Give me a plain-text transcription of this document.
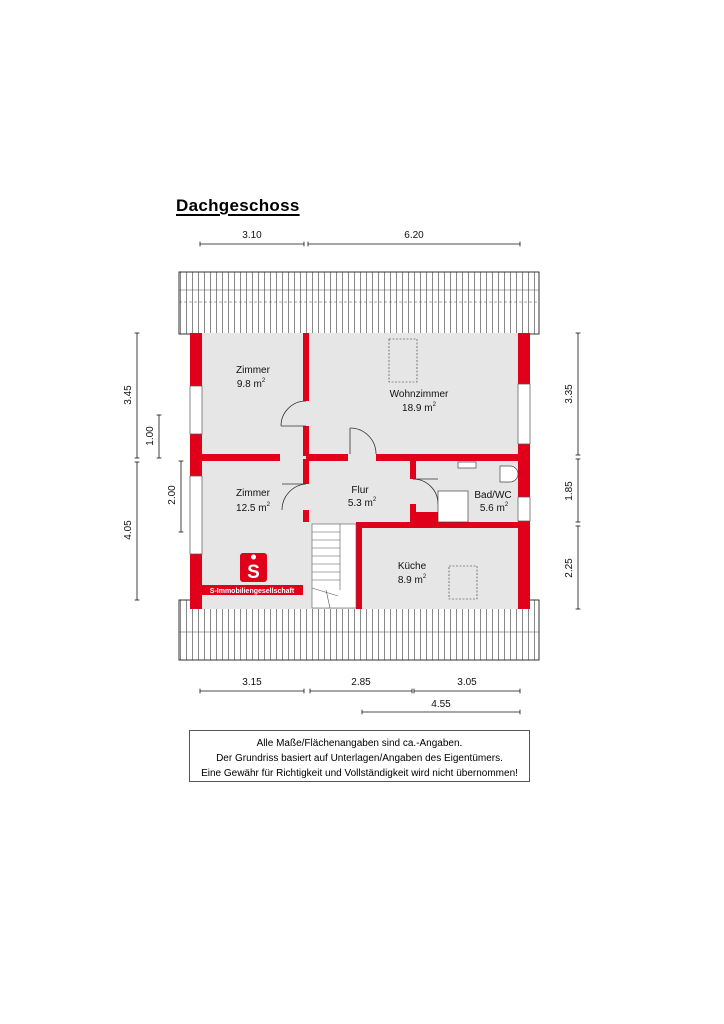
Dachgeschoss
3.10	6.20
3.15	2.85	3.05
4.55
3.45
1.00
2.00
4.05
3.35
1.85
2.25
Zimmer
9.8 $m^2$
Wohnzimmer
18.9 $m^2$
Flur
5.3 $m^2$
Zimmer
12.5 $m^2$
Bad/WC
5.6 $m^2$
Küche
8.9 $m^2$
S
S-Immobiliengesellschaft
Alle Maße/Flächenangaben sind ca.-Angaben.
Der Grundriss basiert auf Unterlagen/Angaben des Eigentümers.
Eine Gewähr für Richtigkeit und Vollständigkeit wird nicht übernommen!
